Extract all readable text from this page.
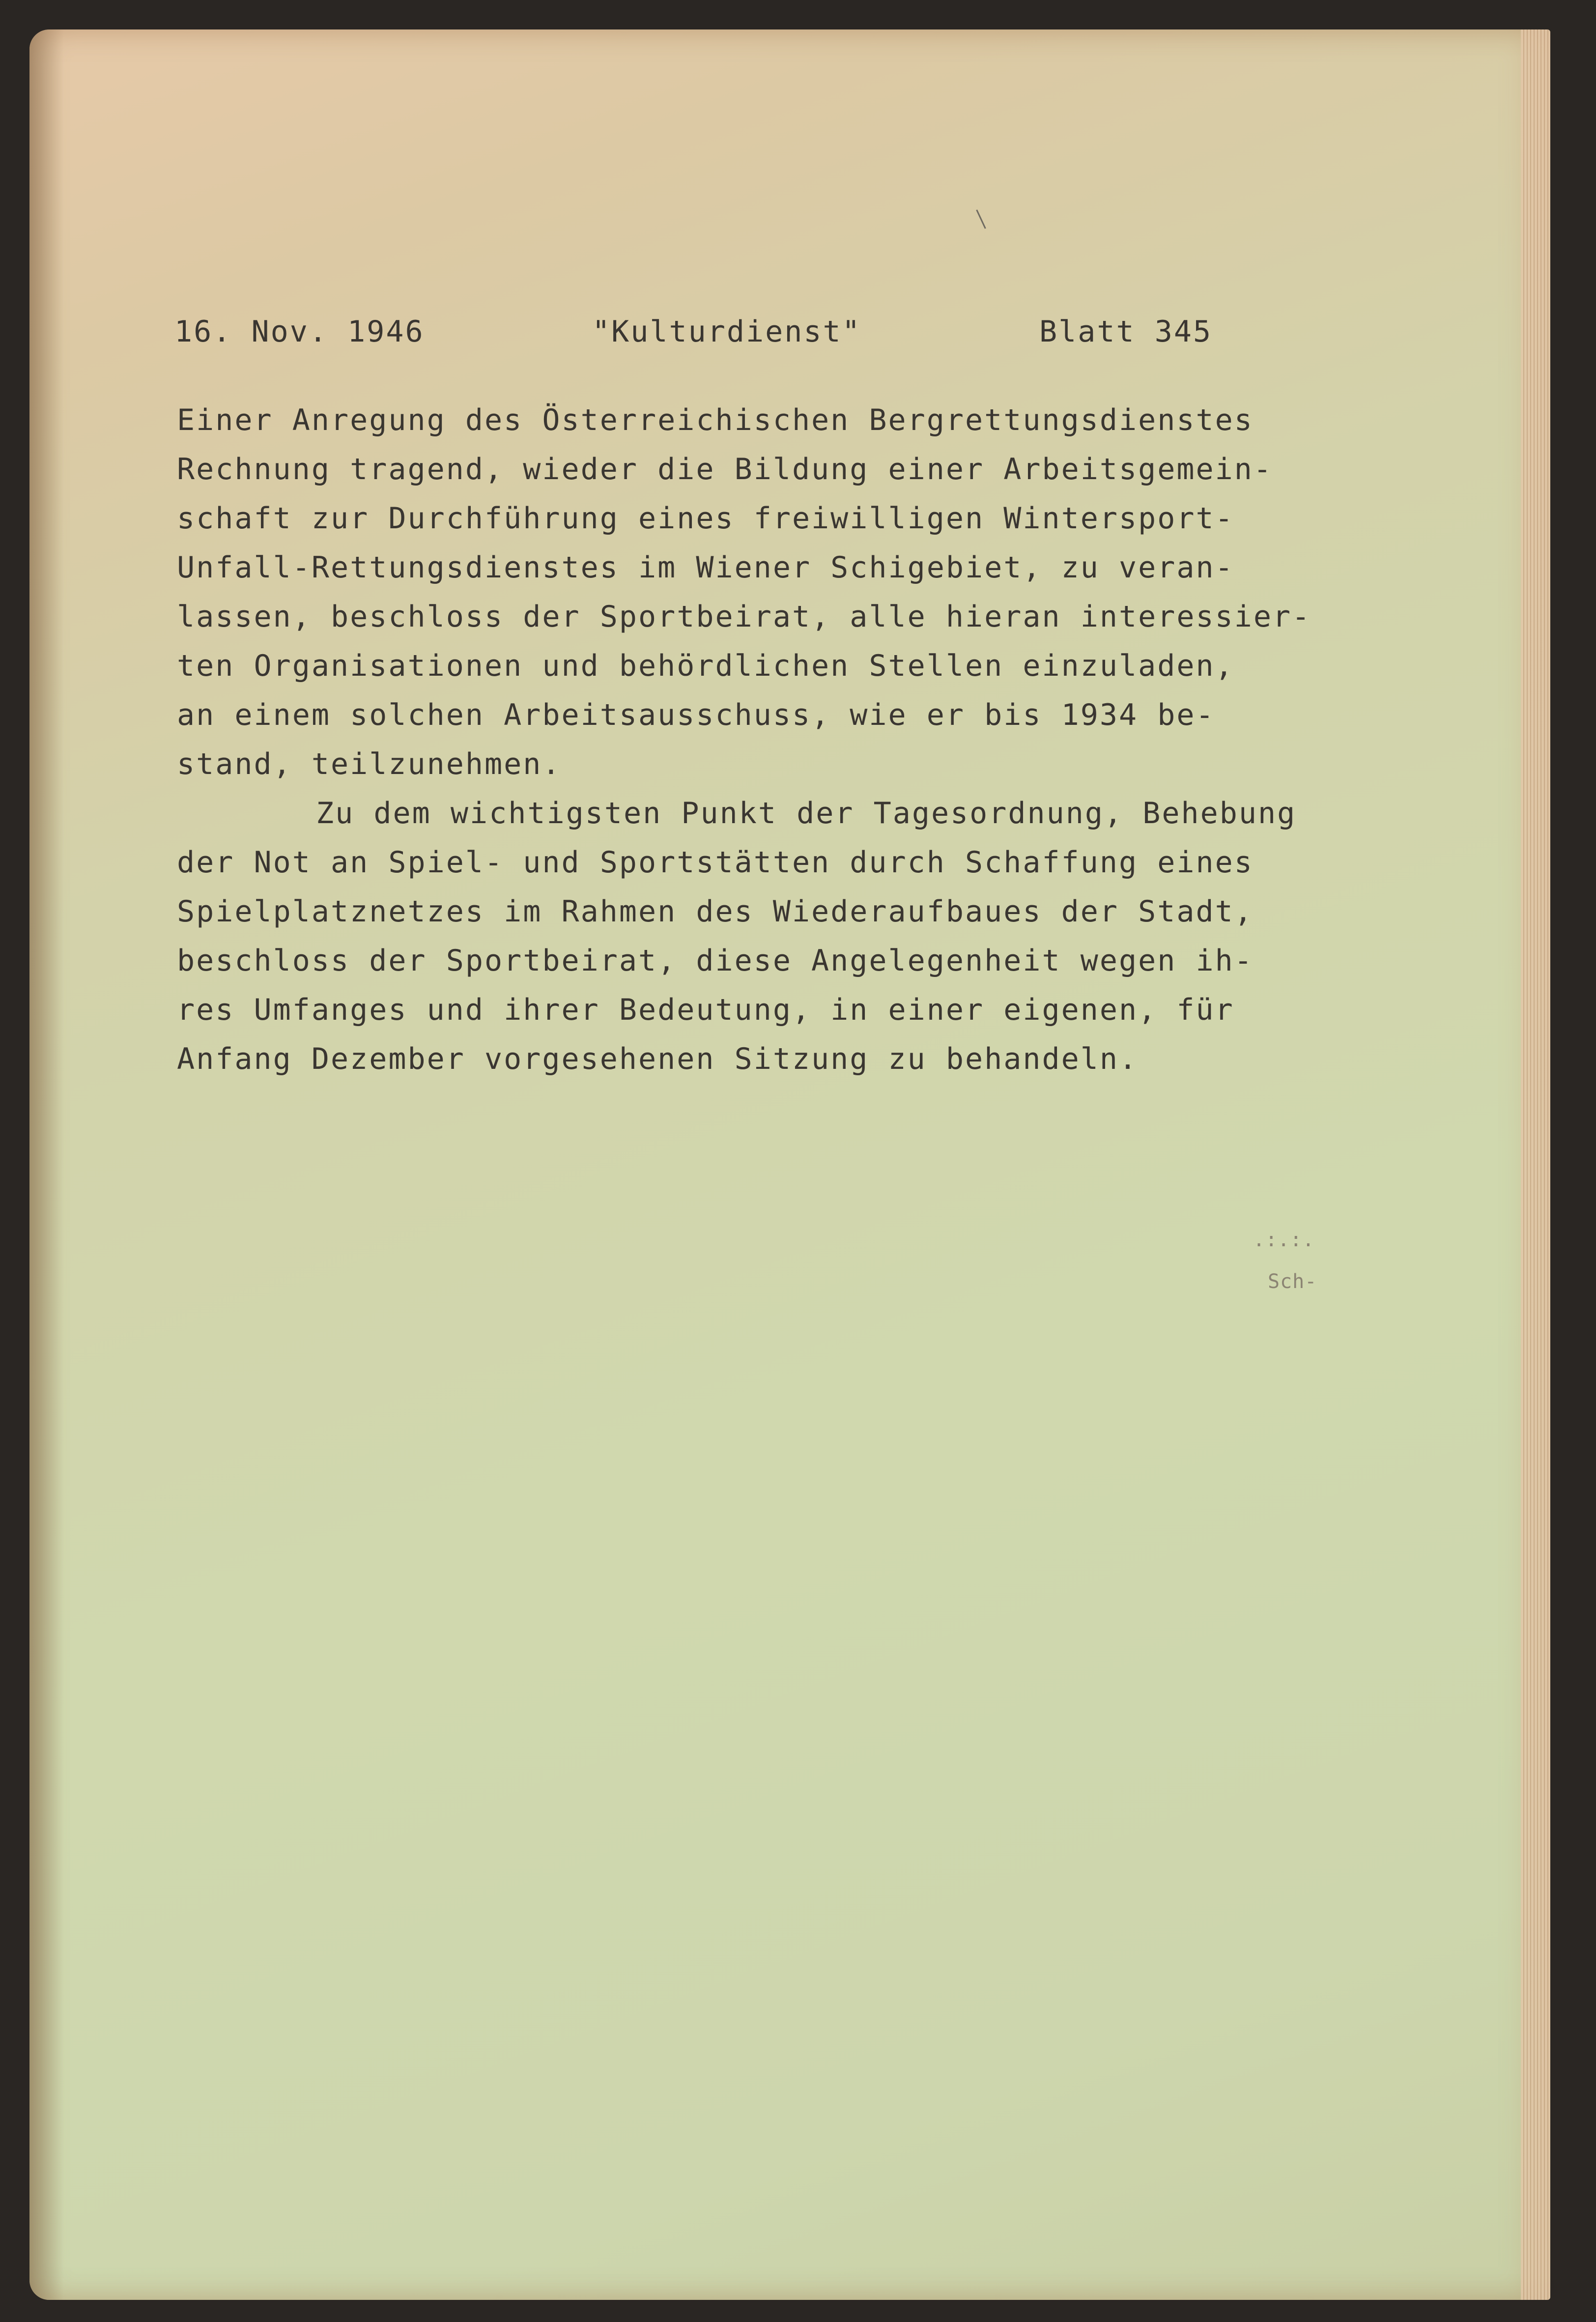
16. Nov. 1946	"Kulturdienst"	Blatt 345
Einer Anregung des Österreichischen Bergrettungsdienstes
Rechnung tragend, wieder die Bildung einer Arbeitsgemein-
schaft zur Durchführung eines freiwilligen Wintersport-
Unfall-Rettungsdienstes im Wiener Schigebiet, zu veran-
lassen, beschloss der Sportbeirat, alle hieran interessier-
ten Organisationen und behördlichen Stellen einzuladen,
an einem solchen Arbeitsausschuss, wie er bis 1934 be-
stand, teilzunehmen.
Zu dem wichtigsten Punkt der Tagesordnung, Behebung
der Not an Spiel- und Sportstätten durch Schaffung eines
Spielplatznetzes im Rahmen des Wiederaufbaues der Stadt,
beschloss der Sportbeirat, diese Angelegenheit wegen ih-
res Umfanges und ihrer Bedeutung, in einer eigenen, für
Anfang Dezember vorgesehenen Sitzung zu behandeln.
.:.:.
Sch-
